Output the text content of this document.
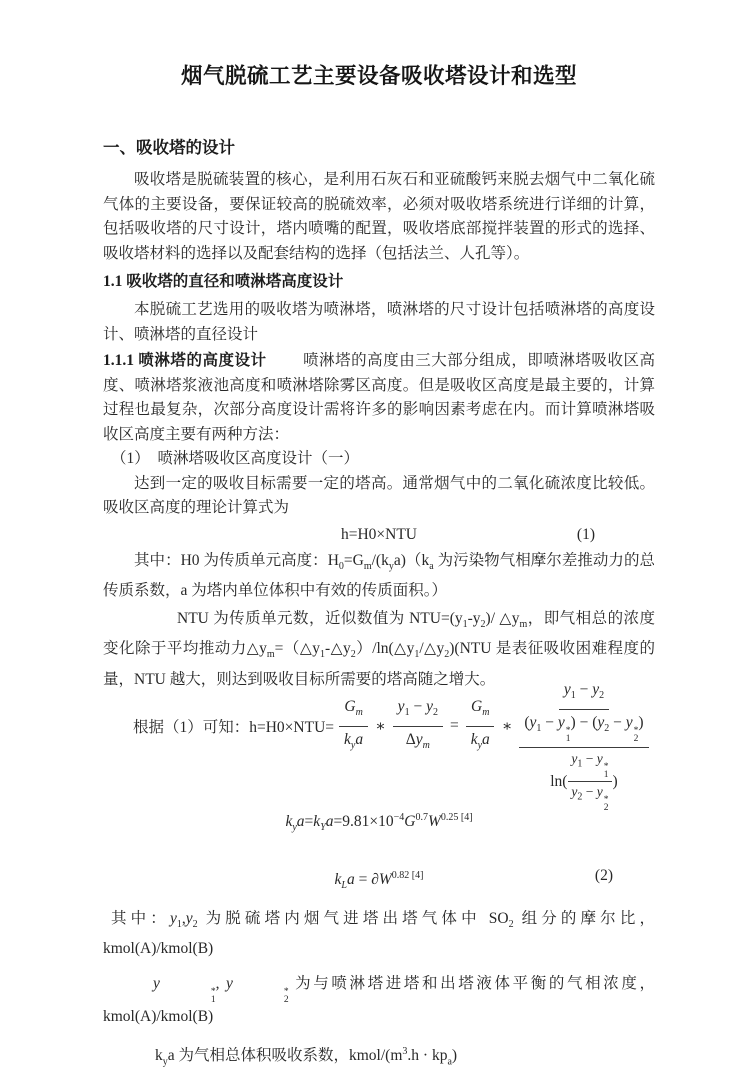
烟气脱硫工艺主要设备吸收塔设计和选型
一、吸收塔的设计

吸收塔是脱硫装置的核心，是利用石灰石和亚硫酸钙来脱去烟气中二氧化硫气体的主要设备，要保证较高的脱硫效率，必须对吸收塔系统进行详细的计算，包括吸收塔的尺寸设计，塔内喷嘴的配置，吸收塔底部搅拌装置的形式的选择、吸收塔材料的选择以及配套结构的选择（包括法兰、人孔等）。

1.1 吸收塔的直径和喷淋塔高度设计

本脱硫工艺选用的吸收塔为喷淋塔，喷淋塔的尺寸设计包括喷淋塔的高度设计、喷淋塔的直径设计

1.1.1 喷淋塔的高度设计 喷淋塔的高度由三大部分组成，即喷淋塔吸收区高度、喷淋塔浆液池高度和喷淋塔除雾区高度。但是吸收区高度是最主要的，计算过程也最复杂，次部分高度设计需将许多的影响因素考虑在内。而计算喷淋塔吸收区高度主要有两种方法：

（1）　喷淋塔吸收区高度设计（一）

达到一定的吸收目标需要一定的塔高。通常烟气中的二氧化硫浓度比较低。吸收区高度的理论计算式为

h=H0×NTU	(1)

其中：H0 为传质单元高度：$H_0=G_m/(k_ya)(k_a$ 为污染物气相摩尔差推动力的总传质系数，a 为塔内单位体积中有效的传质面积。）

NTU 为传质单元数，近似数值为 $NTU=(y_1-y_2)/$ $\triangle y_m$，即气相总的浓度变化除于平均推动力$\triangle y_m=(\triangle y_1-\triangle y_2)/\ln(\triangle y_1/\triangle y_2)(NTU$ 是表征吸收困难程度的量，NTU 越大，则达到吸收目标所需要的塔高随之增大。

根据（1）可知：$h=H0\times NTU= \frac{G_m}{k_ya}$ ∗ $\frac{y_1 - y_2}{\Delta y_m} = \frac{G_m}{k_ya}$ ∗
$y_1 - y_2$
($y_1 - y$ *
1
) − ($y_2 - y$ *
2
)
ln( $y_1 - y$
*
1
$y_2 - y$
*
2 )
$k_ya=k_Ya=9.81\times 10^{-4}G^{0.7}W^{0.25 [4]}$
$k_La = \partial W^{0.82 [4]}$	(2)

其中：$y_1,y_2$ 为脱硫塔内烟气进塔出塔气体中 $SO_2$ 组分的摩尔比，kmol(A)/kmol(B)

y	*
1
, y	*
2
为与喷淋塔进塔和出塔液体平衡的气相浓度，kmol(A)/kmol(B)

$k_ya$ 为气相总体积吸收系数，kmol/$(m^3.h \cdot kp_a)$
